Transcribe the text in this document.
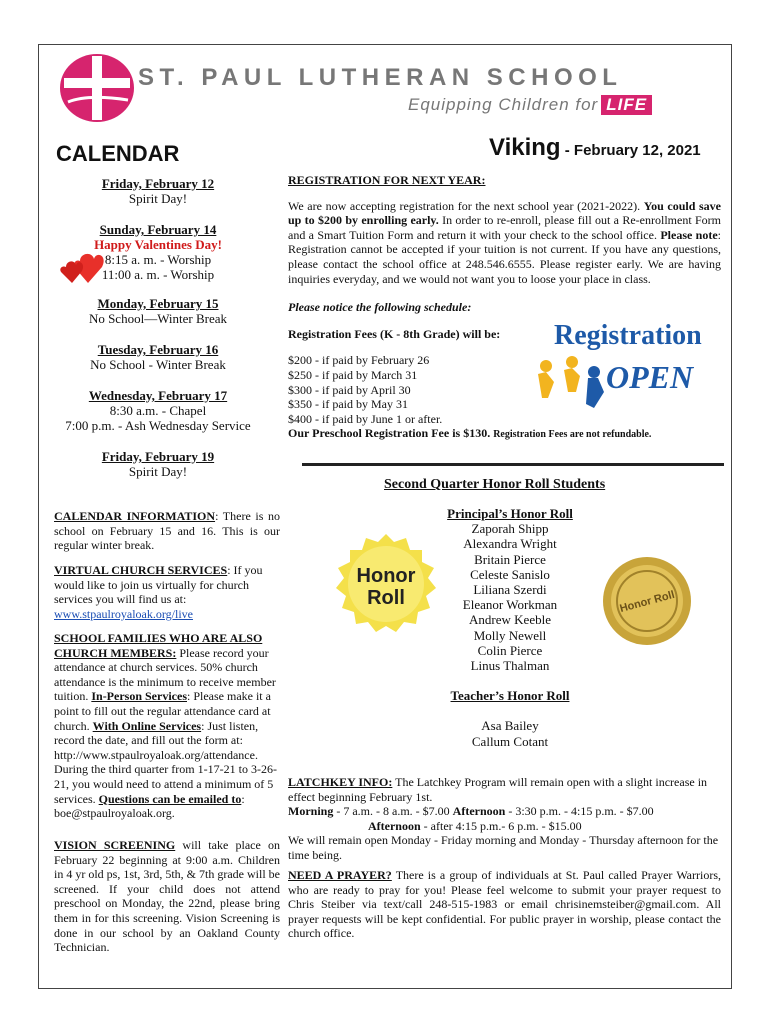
ST. PAUL LUTHERAN SCHOOL
Equipping Children for LIFE
CALENDAR	Viking - February 12, 2021
Friday, February 12
Spirit Day!
Sunday, February 14
Happy Valentines Day!
8:15 a. m. - Worship
11:00 a. m. - Worship
Monday, February 15
No School—Winter Break
Tuesday, February 16
No School - Winter Break
Wednesday, February 17
8:30 a.m. - Chapel
7:00 p.m. - Ash Wednesday Service
Friday, February 19
Spirit Day!
CALENDAR INFORMATION: There is no school on February 15 and 16. This is our regular winter break.
VIRTUAL CHURCH SERVICES: If you would like to join us virtually for church services you will find us at:
www.stpaulroyaloak.org/live
SCHOOL FAMILIES WHO ARE ALSO CHURCH MEMBERS: Please record your attendance at church services. 50% church attendance is the minimum to receive member tuition. In-Person Services: Please make it a point to fill out the regular attendance card at church. With Online Services: Just listen, record the date, and fill out the form at: http://www.stpaulroyaloak.org/attendance. During the third quarter from 1-17-21 to 3-26-21, you would need to attend a minimum of 5 services. Questions can be emailed to: boe@stpaulroyaloak.org.
VISION SCREENING will take place on February 22 beginning at 9:00 a.m. Children in 4 yr old ps, 1st, 3rd, 5th, & 7th grade will be screened. If your child does not attend preschool on Monday, the 22nd, please bring them in for this screening. Vision Screening is done in our school by an Oakland County Technician.
REGISTRATION FOR NEXT YEAR:
We are now accepting registration for the next school year (2021-2022). You could save up to $200 by enrolling early. In order to re-enroll, please fill out a Re-enrollment Form and a Smart Tuition Form and return it with your check to the school office. Please note: Registration cannot be accepted if your tuition is not current. If you have any questions, please contact the school office at 248.546.6555. Please register early. We are having inquiries everyday, and we would not want you to loose your place in class.
Please notice the following schedule:
Registration Fees (K - 8th Grade) will be:
$200 - if paid by February 26
$250 - if paid by March 31
$300 - if paid by April 30
$350 - if paid by May 31
$400 - if paid by June 1 or after.
Our Preschool Registration Fee is $130. Registration Fees are not refundable.
Registration
OPEN
Second Quarter Honor Roll Students
Principal’s Honor Roll
Zaporah Shipp
Alexandra Wright
Britain Pierce
Celeste Sanislo
Liliana Szerdi
Eleanor Workman
Andrew Keeble
Molly Newell
Colin Pierce
Linus Thalman
Teacher’s Honor Roll
Asa Bailey
Callum Cotant
Honor
Roll	Honor Roll
LATCHKEY INFO: The Latchkey Program will remain open with a slight increase in effect beginning February 1st.
Morning - 7 a.m. - 8 a.m. - $7.00 Afternoon - 3:30 p.m. - 4:15 p.m. - $7.00
Afternoon - after 4:15 p.m.- 6 p.m. - $15.00
We will remain open Monday - Friday morning and Monday - Thursday afternoon for the time being.
NEED A PRAYER? There is a group of individuals at St. Paul called Prayer Warriors, who are ready to pray for you! Please feel welcome to submit your prayer request to Chris Steiber via text/call 248-515-1983 or email chrisinemsteiber@gmail.com. All prayer requests will be kept confidential. For public prayer in worship, please contact the church office.
